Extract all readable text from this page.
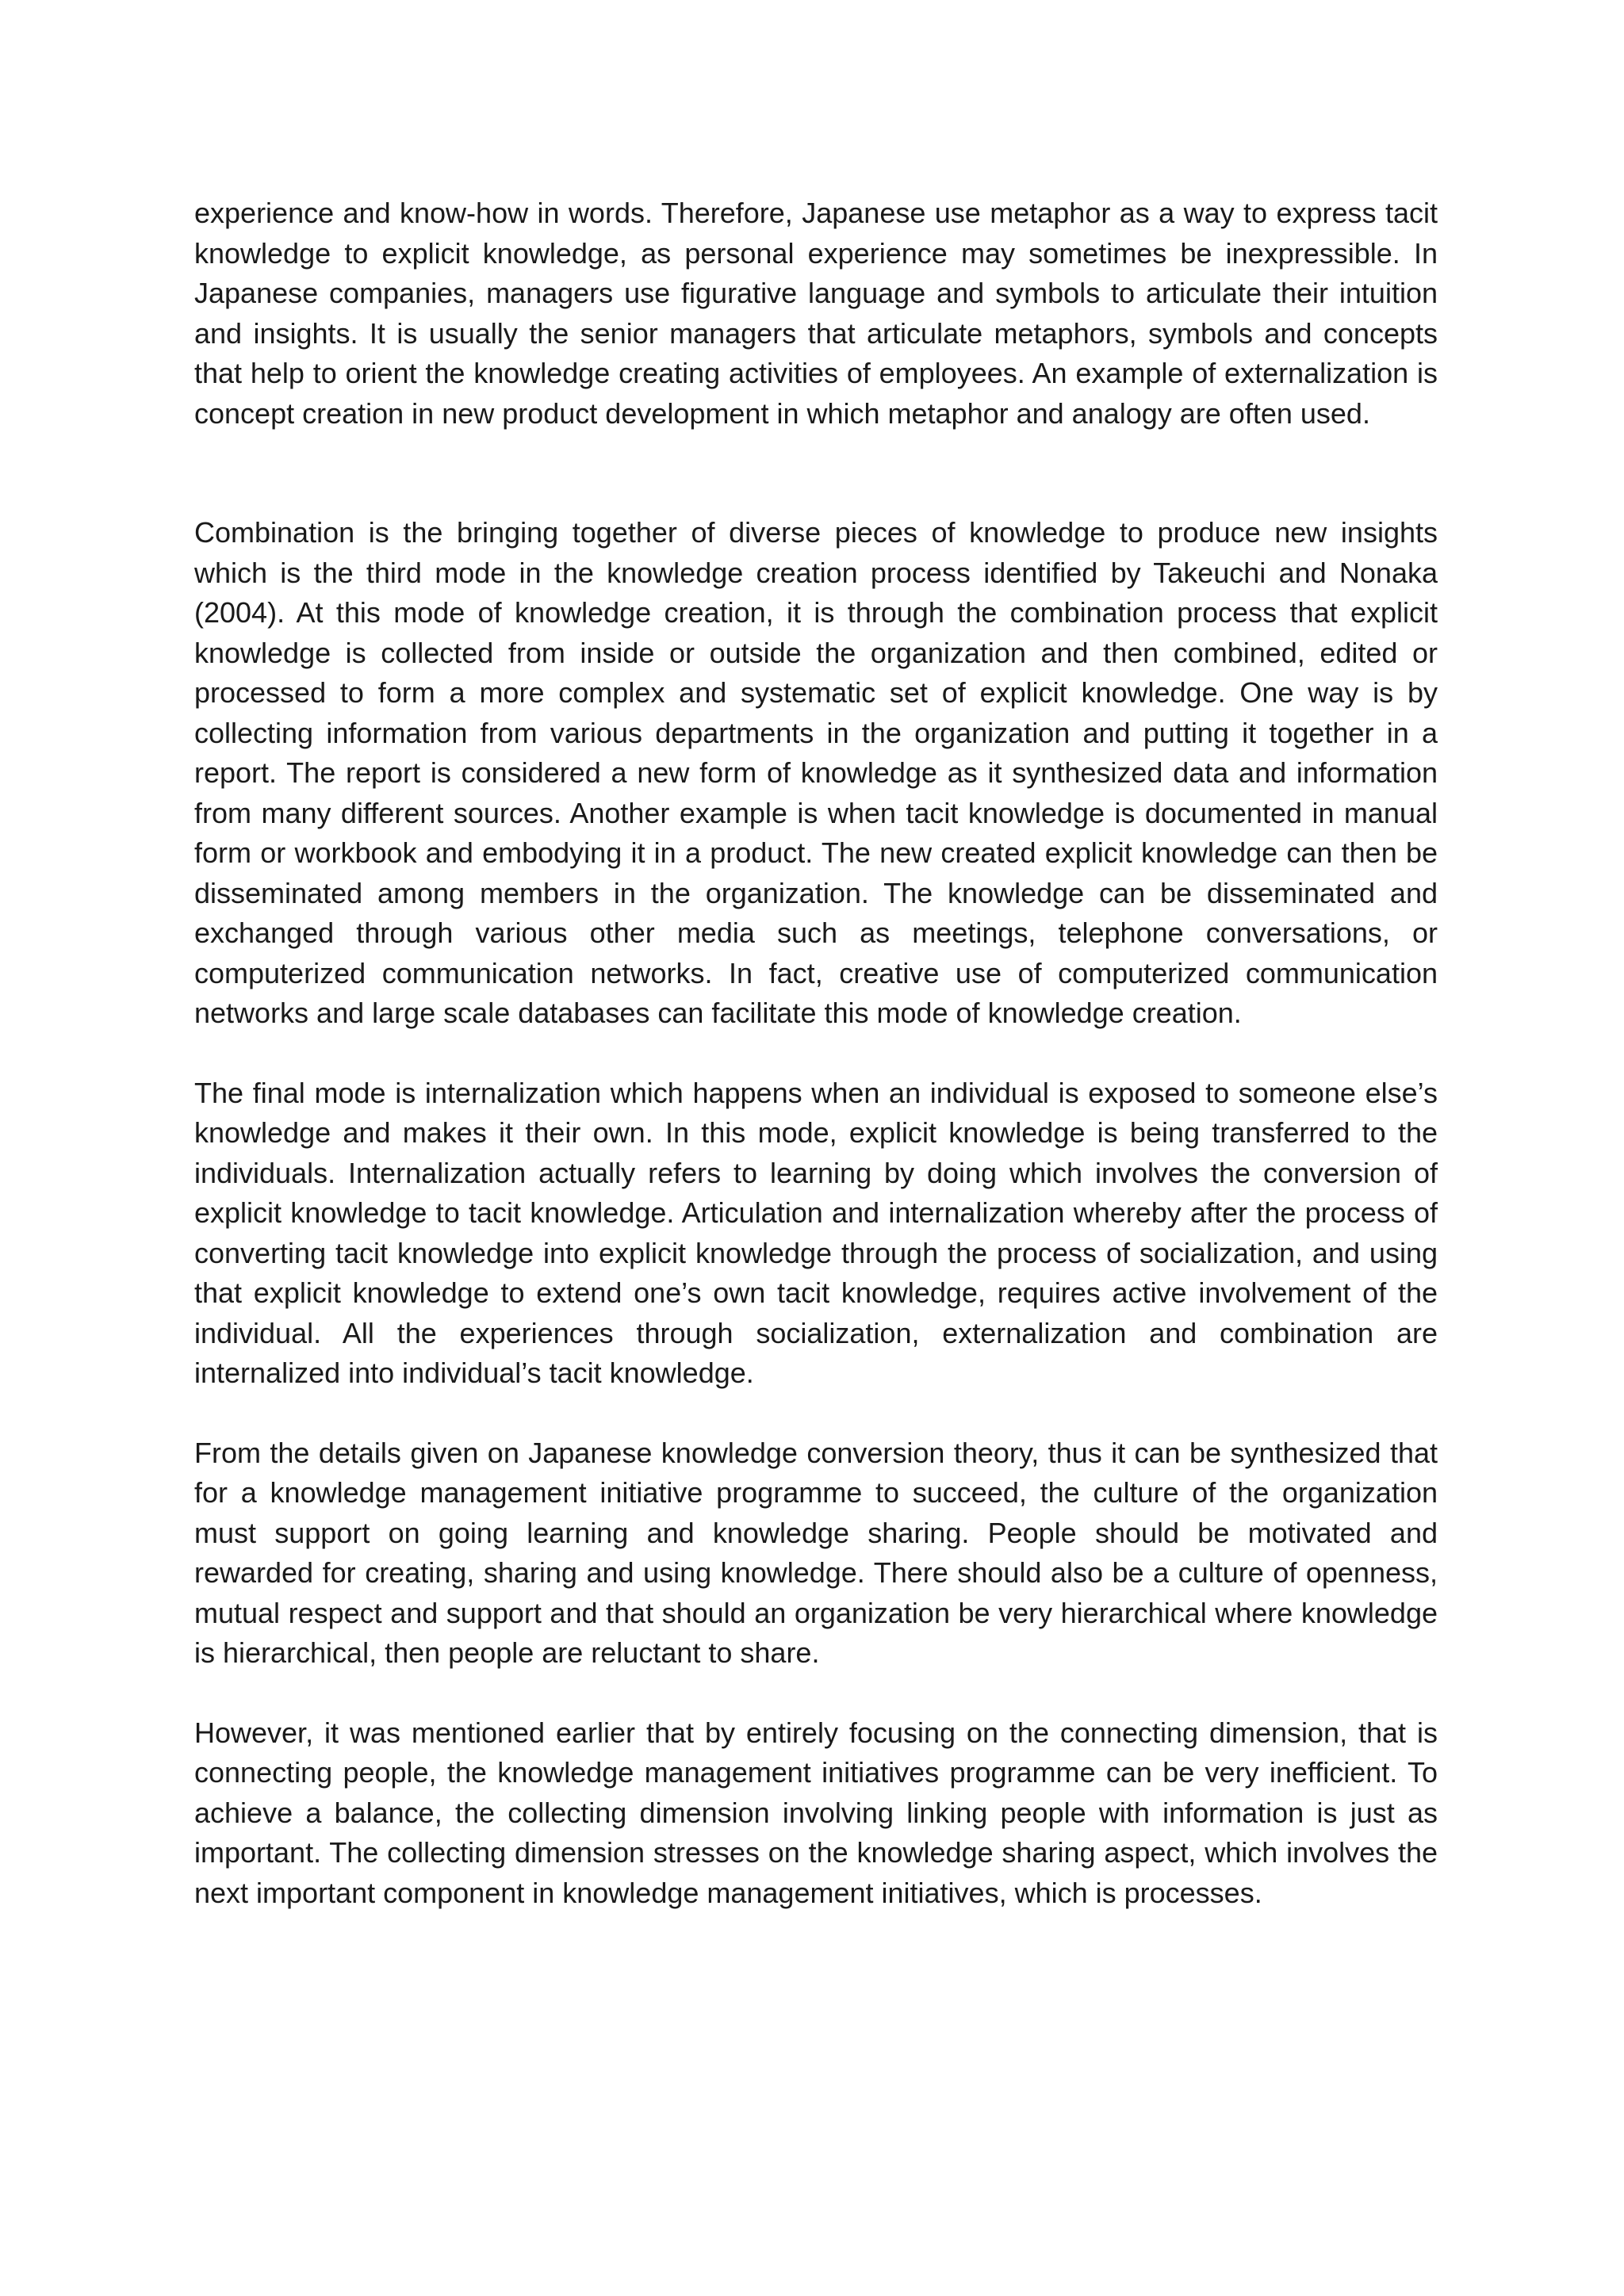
experience and know-how in words. Therefore, Japanese use metaphor as a way to express tacit knowledge to explicit knowledge, as personal experience may sometimes be inexpressible. In Japanese companies, managers use figurative language and symbols to articulate their intuition and insights. It is usually the senior managers that articulate metaphors, symbols and concepts that help to orient the knowledge creating activities of employees. An example of externalization is concept creation in new product development in which metaphor and analogy are often used.

Combination is the bringing together of diverse pieces of knowledge to produce new insights which is the third mode in the knowledge creation process identified by Takeuchi and Nonaka (2004). At this mode of knowledge creation, it is through the combination process that explicit knowledge is collected from inside or outside the organization and then combined, edited or processed to form a more complex and systematic set of explicit knowledge. One way is by collecting information from various departments in the organization and putting it together in a report. The report is considered a new form of knowledge as it synthesized data and information from many different sources. Another example is when tacit knowledge is documented in manual form or workbook and embodying it in a product. The new created explicit knowledge can then be disseminated among members in the organization. The knowledge can be disseminated and exchanged through various other media such as meetings, telephone conversations, or computerized communication networks. In fact, creative use of computerized communication networks and large scale databases can facilitate this mode of knowledge creation.

The final mode is internalization which happens when an individual is exposed to someone else’s knowledge and makes it their own. In this mode, explicit knowledge is being transferred to the individuals. Internalization actually refers to learning by doing which involves the conversion of explicit knowledge to tacit knowledge. Articulation and internalization whereby after the process of converting tacit knowledge into explicit knowledge through the process of socialization, and using that explicit knowledge to extend one’s own tacit knowledge, requires active involvement of the individual. All the experiences through socialization, externalization and combination are internalized into individual’s tacit knowledge.

From the details given on Japanese knowledge conversion theory, thus it can be synthesized that for a knowledge management initiative programme to succeed, the culture of the organization must support on going learning and knowledge sharing. People should be motivated and rewarded for creating, sharing and using knowledge. There should also be a culture of openness, mutual respect and support and that should an organization be very hierarchical where knowledge is hierarchical, then people are reluctant to share.

However, it was mentioned earlier that by entirely focusing on the connecting dimension, that is connecting people, the knowledge management initiatives programme can be very inefficient. To achieve a balance, the collecting dimension involving linking people with information is just as important. The collecting dimension stresses on the knowledge sharing aspect, which involves the next important component in knowledge management initiatives, which is processes.
